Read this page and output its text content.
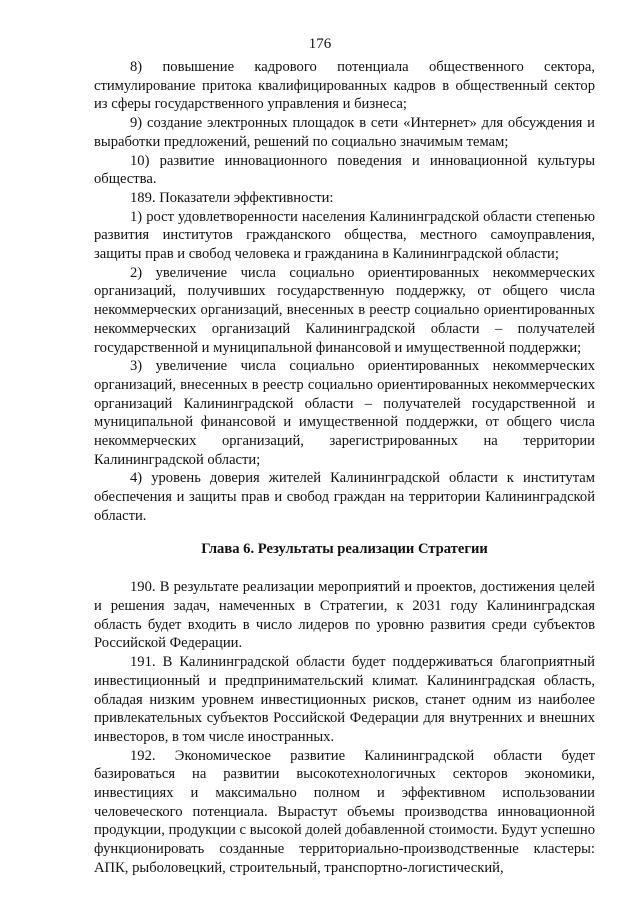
176

8) повышение кадрового потенциала общественного сектора, стимулирование притока квалифицированных кадров в общественный сектор из сферы государственного управления и бизнеса;

9) создание электронных площадок в сети «Интернет» для обсуждения и выработки предложений, решений по социально значимым темам;

10) развитие инновационного поведения и инновационной культуры общества.

189. Показатели эффективности:

1) рост удовлетворенности населения Калининградской области степенью развития институтов гражданского общества, местного самоуправления, защиты прав и свобод человека и гражданина в Калининградской области;

2) увеличение числа социально ориентированных некоммерческих организаций, получивших государственную поддержку, от общего числа некоммерческих организаций, внесенных в реестр социально ориентированных некоммерческих организаций Калининградской области – получателей государственной и муниципальной финансовой и имущественной поддержки;

3) увеличение числа социально ориентированных некоммерческих организаций, внесенных в реестр социально ориентированных некоммерческих организаций Калининградской области – получателей государственной и муниципальной финансовой и имущественной поддержки, от общего числа некоммерческих организаций, зарегистрированных на территории Калининградской области;

4) уровень доверия жителей Калининградской области к институтам обеспечения и защиты прав и свобод граждан на территории Калининградской области.

Глава 6. Результаты реализации Стратегии

190. В результате реализации мероприятий и проектов, достижения целей и решения задач, намеченных в Стратегии, к 2031 году Калининградская область будет входить в число лидеров по уровню развития среди субъектов Российской Федерации.

191. В Калининградской области будет поддерживаться благоприятный инвестиционный и предпринимательский климат. Калининградская область, обладая низким уровнем инвестиционных рисков, станет одним из наиболее привлекательных субъектов Российской Федерации для внутренних и внешних инвесторов, в том числе иностранных.

192. Экономическое развитие Калининградской области будет базироваться на развитии высокотехнологичных секторов экономики, инвестициях и максимально полном и эффективном использовании человеческого потенциала. Вырастут объемы производства инновационной продукции, продукции с высокой долей добавленной стоимости. Будут успешно функционировать созданные территориально-производственные кластеры: АПК, рыболовецкий, строительный, транспортно-логистический,
